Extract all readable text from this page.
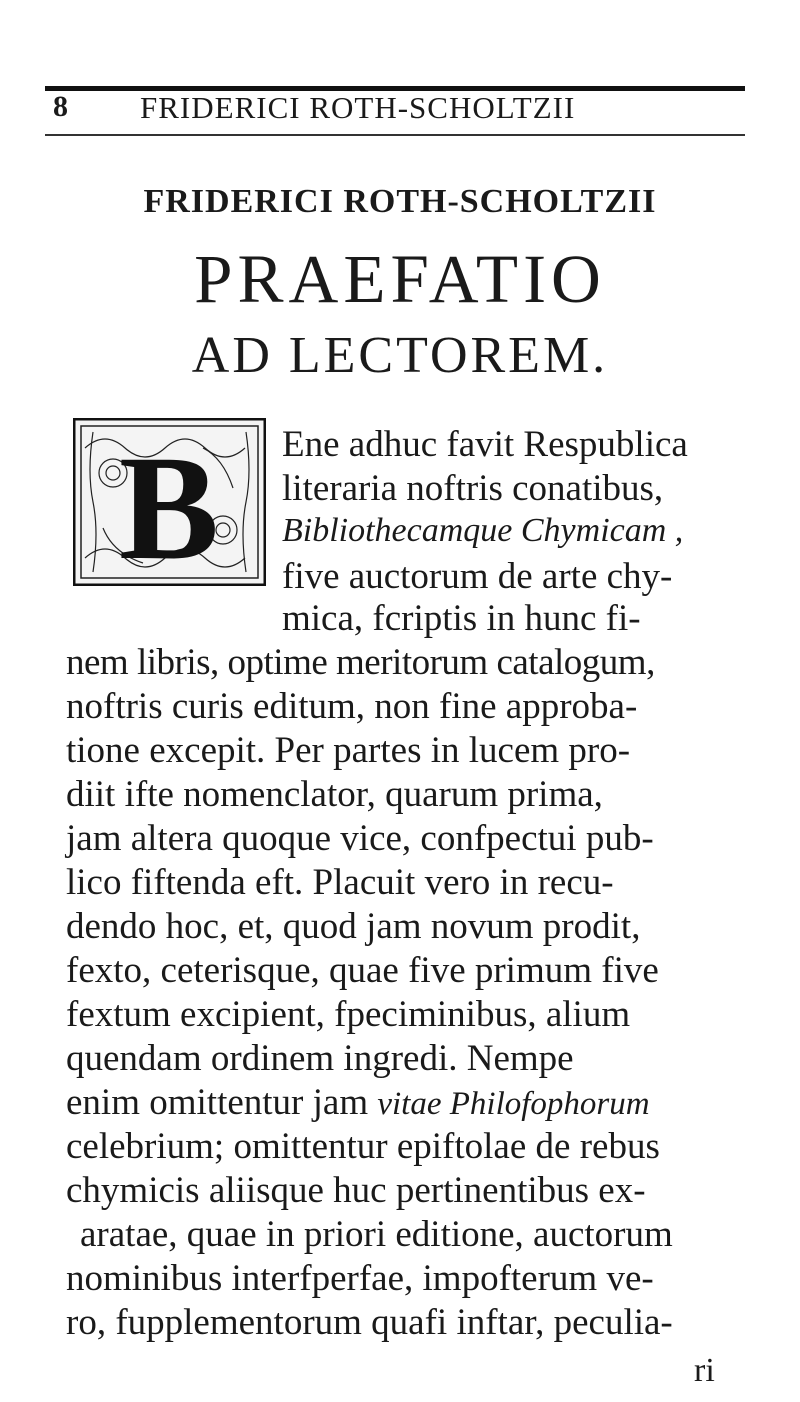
8 FRIDERICI ROTH-SCHOLTZII
FRIDERICI ROTH-SCHOLTZII
PRAEFATIO
AD LECTOREM.
B Ene adhuc favit Respublica
literaria noftris conatibus,
Bibliothecamque Chymicam ,
five auctorum de arte chy-
mica, fcriptis in hunc fi-
nem libris, optime meritorum catalogum,
noftris curis editum, non fine approba-
tione excepit. Per partes in lucem pro-
diit ifte nomenclator, quarum prima,
jam altera quoque vice, confpectui pub-
lico fiftenda eft. Placuit vero in recu-
dendo hoc, et, quod jam novum prodit,
fexto, ceterisque, quae five primum five
fextum excipient, fpeciminibus, alium
quendam ordinem ingredi. Nempe
enim omittentur jam vitae Philofophorum
celebrium; omittentur epiftolae de rebus
chymicis aliisque huc pertinentibus ex-
aratae, quae in priori editione, auctorum
nominibus interfperfae, impofterum ve-
ro, fupplementorum quafi inftar, peculia-
ri
